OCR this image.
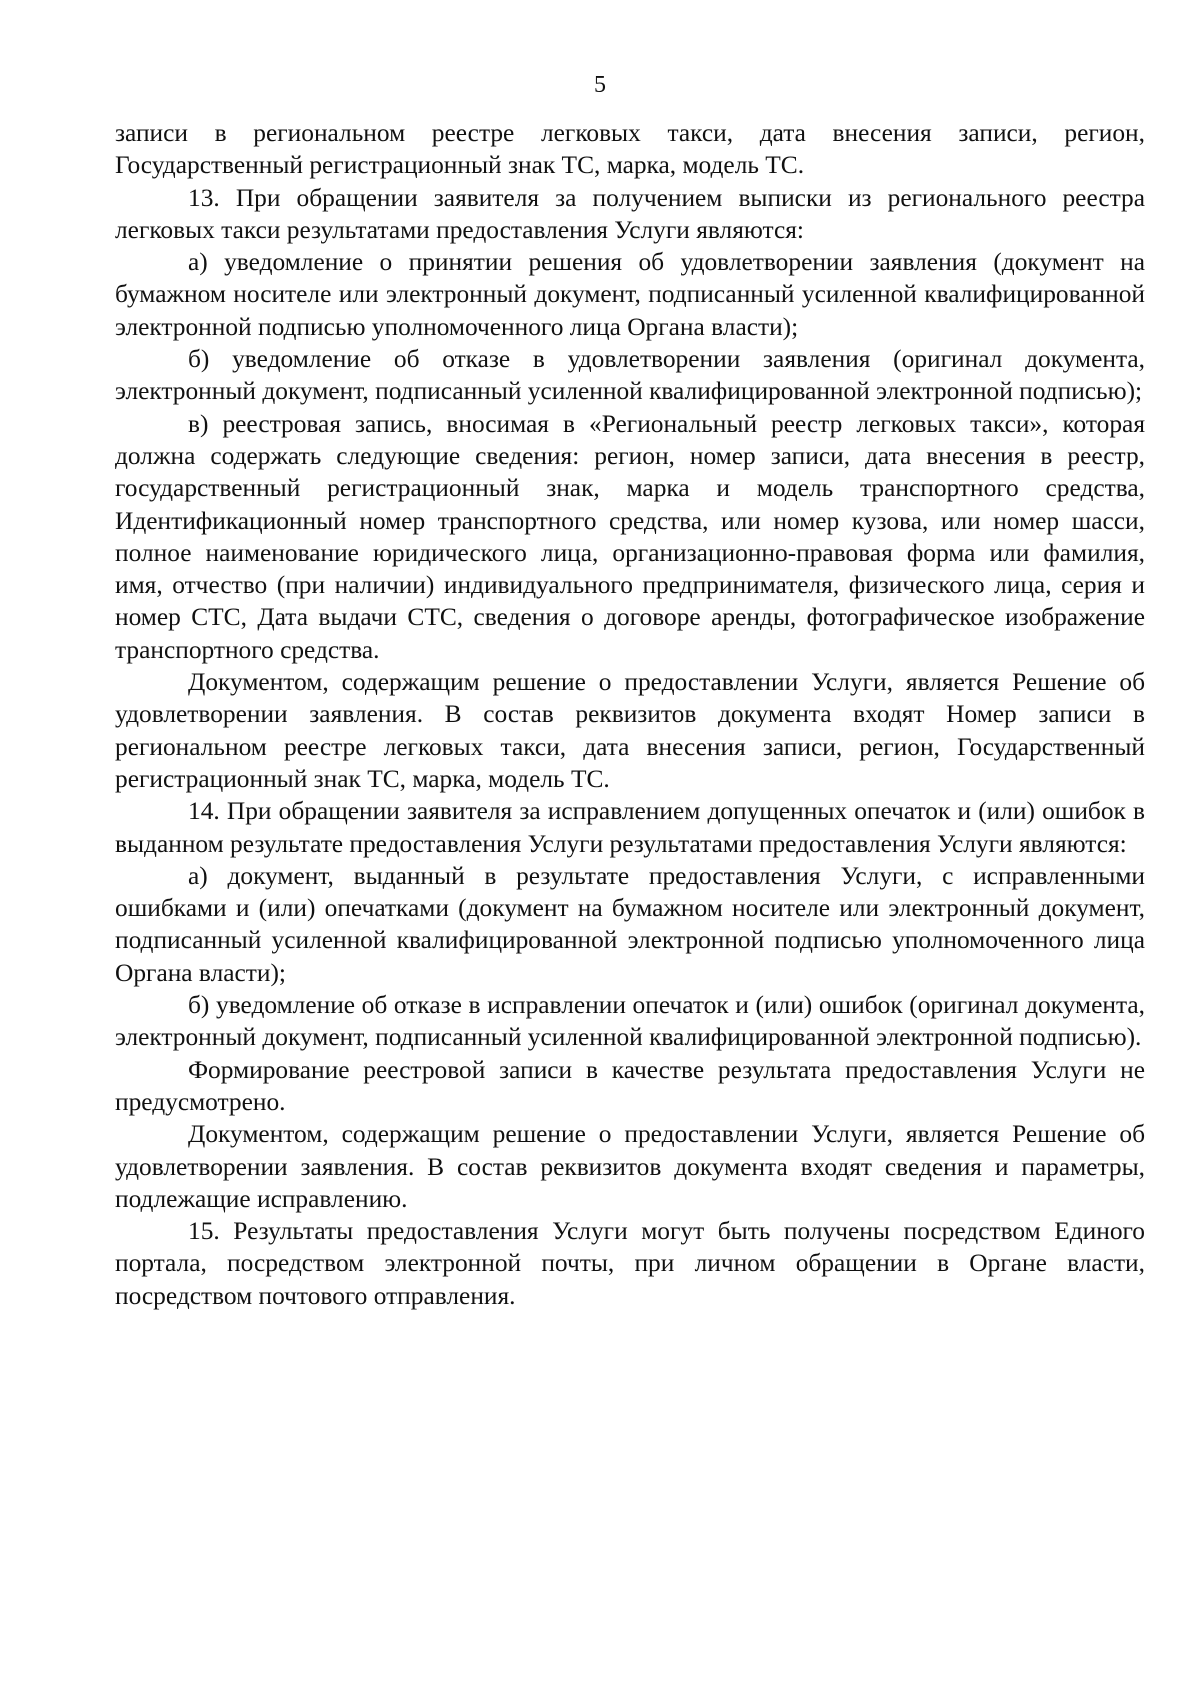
5

записи в региональном реестре легковых такси, дата внесения записи, регион, Государственный регистрационный знак ТС, марка, модель ТС.

13. При обращении заявителя за получением выписки из регионального реестра легковых такси результатами предоставления Услуги являются:

а) уведомление о принятии решения об удовлетворении заявления (документ на бумажном носителе или электронный документ, подписанный усиленной квалифицированной электронной подписью уполномоченного лица Органа власти);

б) уведомление об отказе в удовлетворении заявления (оригинал документа, электронный документ, подписанный усиленной квалифицированной электронной подписью);

в) реестровая запись, вносимая в «Региональный реестр легковых такси», которая должна содержать следующие сведения: регион, номер записи, дата внесения в реестр, государственный регистрационный знак, марка и модель транспортного средства, Идентификационный номер транспортного средства, или номер кузова, или номер шасси, полное наименование юридического лица, организационно-правовая форма или фамилия, имя, отчество (при наличии) индивидуального предпринимателя, физического лица, серия и номер СТС, Дата выдачи СТС, сведения о договоре аренды, фотографическое изображение транспортного средства.

Документом, содержащим решение о предоставлении Услуги, является Решение об удовлетворении заявления. В состав реквизитов документа входят Номер записи в региональном реестре легковых такси, дата внесения записи, регион, Государственный регистрационный знак ТС, марка, модель ТС.

14. При обращении заявителя за исправлением допущенных опечаток и (или) ошибок в выданном результате предоставления Услуги результатами предоставления Услуги являются:

а) документ, выданный в результате предоставления Услуги, с исправленными ошибками и (или) опечатками (документ на бумажном носителе или электронный документ, подписанный усиленной квалифицированной электронной подписью уполномоченного лица Органа власти);

б) уведомление об отказе в исправлении опечаток и (или) ошибок (оригинал документа, электронный документ, подписанный усиленной квалифицированной электронной подписью).

Формирование реестровой записи в качестве результата предоставления Услуги не предусмотрено.

Документом, содержащим решение о предоставлении Услуги, является Решение об удовлетворении заявления. В состав реквизитов документа входят сведения и параметры, подлежащие исправлению.

15. Результаты предоставления Услуги могут быть получены посредством Единого портала, посредством электронной почты, при личном обращении в Органе власти, посредством почтового отправления.
